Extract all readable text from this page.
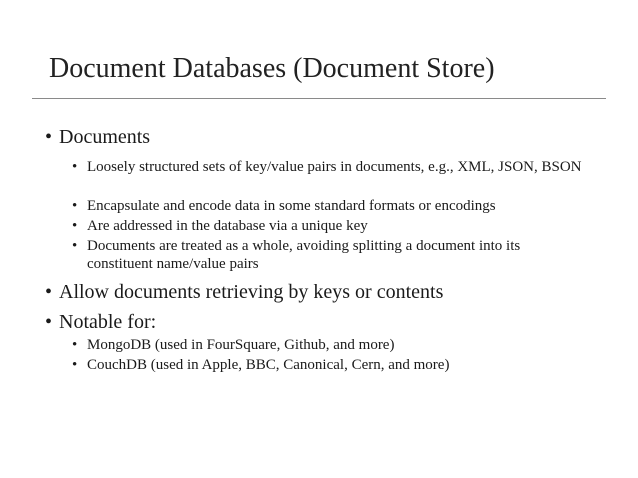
Document Databases (Document Store)
• Documents
• Loosely structured sets of key/value pairs in documents, e.g., XML, JSON, BSON
• Encapsulate and encode data in some standard formats or encodings
• Are addressed in the database via a unique key
• Documents are treated as a whole, avoiding splitting a document into its constituent name/value pairs
• Allow documents retrieving by keys or contents
• Notable for:
• MongoDB (used in FourSquare, Github, and more)
• CouchDB (used in Apple, BBC, Canonical, Cern, and more)
